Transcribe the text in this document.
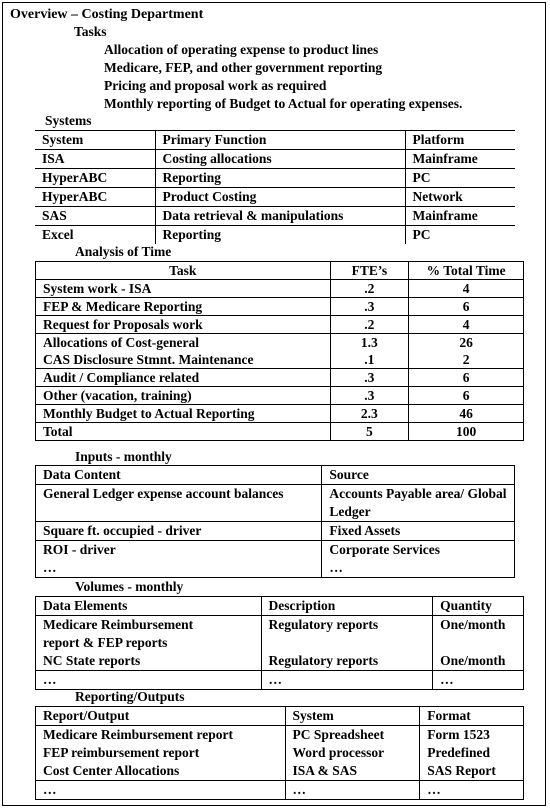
Overview – Costing Department
Tasks
Allocation of operating expense to product lines
Medicare, FEP, and other government reporting
Pricing and proposal work as required
Monthly reporting of Budget to Actual for operating expenses.
Systems
System	Primary Function	Platform
ISA	Costing allocations	Mainframe
HyperABC	Reporting	PC
HyperABC	Product Costing	Network
SAS	Data retrieval & manipulations	Mainframe
Excel	Reporting	PC
Analysis of Time
Task	FTE’s	% Total Time
System work - ISA	.2	4
FEP & Medicare Reporting	.3	6
Request for Proposals work	.2	4
Allocations of Cost-general	1.3	26
CAS Disclosure Stmnt. Maintenance	.1	2
Audit / Compliance related	.3	6
Other (vacation, training)	.3	6
Monthly Budget to Actual Reporting	2.3	46
Total	5	100
Inputs - monthly
Data Content	Source
General Ledger expense account balances	Accounts Payable area/ Global Ledger
Square ft. occupied - driver	Fixed Assets
ROI - driver	Corporate Services
…	…
Volumes - monthly
Data Elements	Description	Quantity
Medicare Reimbursement	Regulatory reports	One/month
report & FEP reports		
NC State reports	Regulatory reports	One/month
…	…	…
Reporting/Outputs
Report/Output	System	Format
Medicare Reimbursement report	PC Spreadsheet	Form 1523
FEP reimbursement report	Word processor	Predefined
Cost Center Allocations	ISA & SAS	SAS Report
…	…	…
